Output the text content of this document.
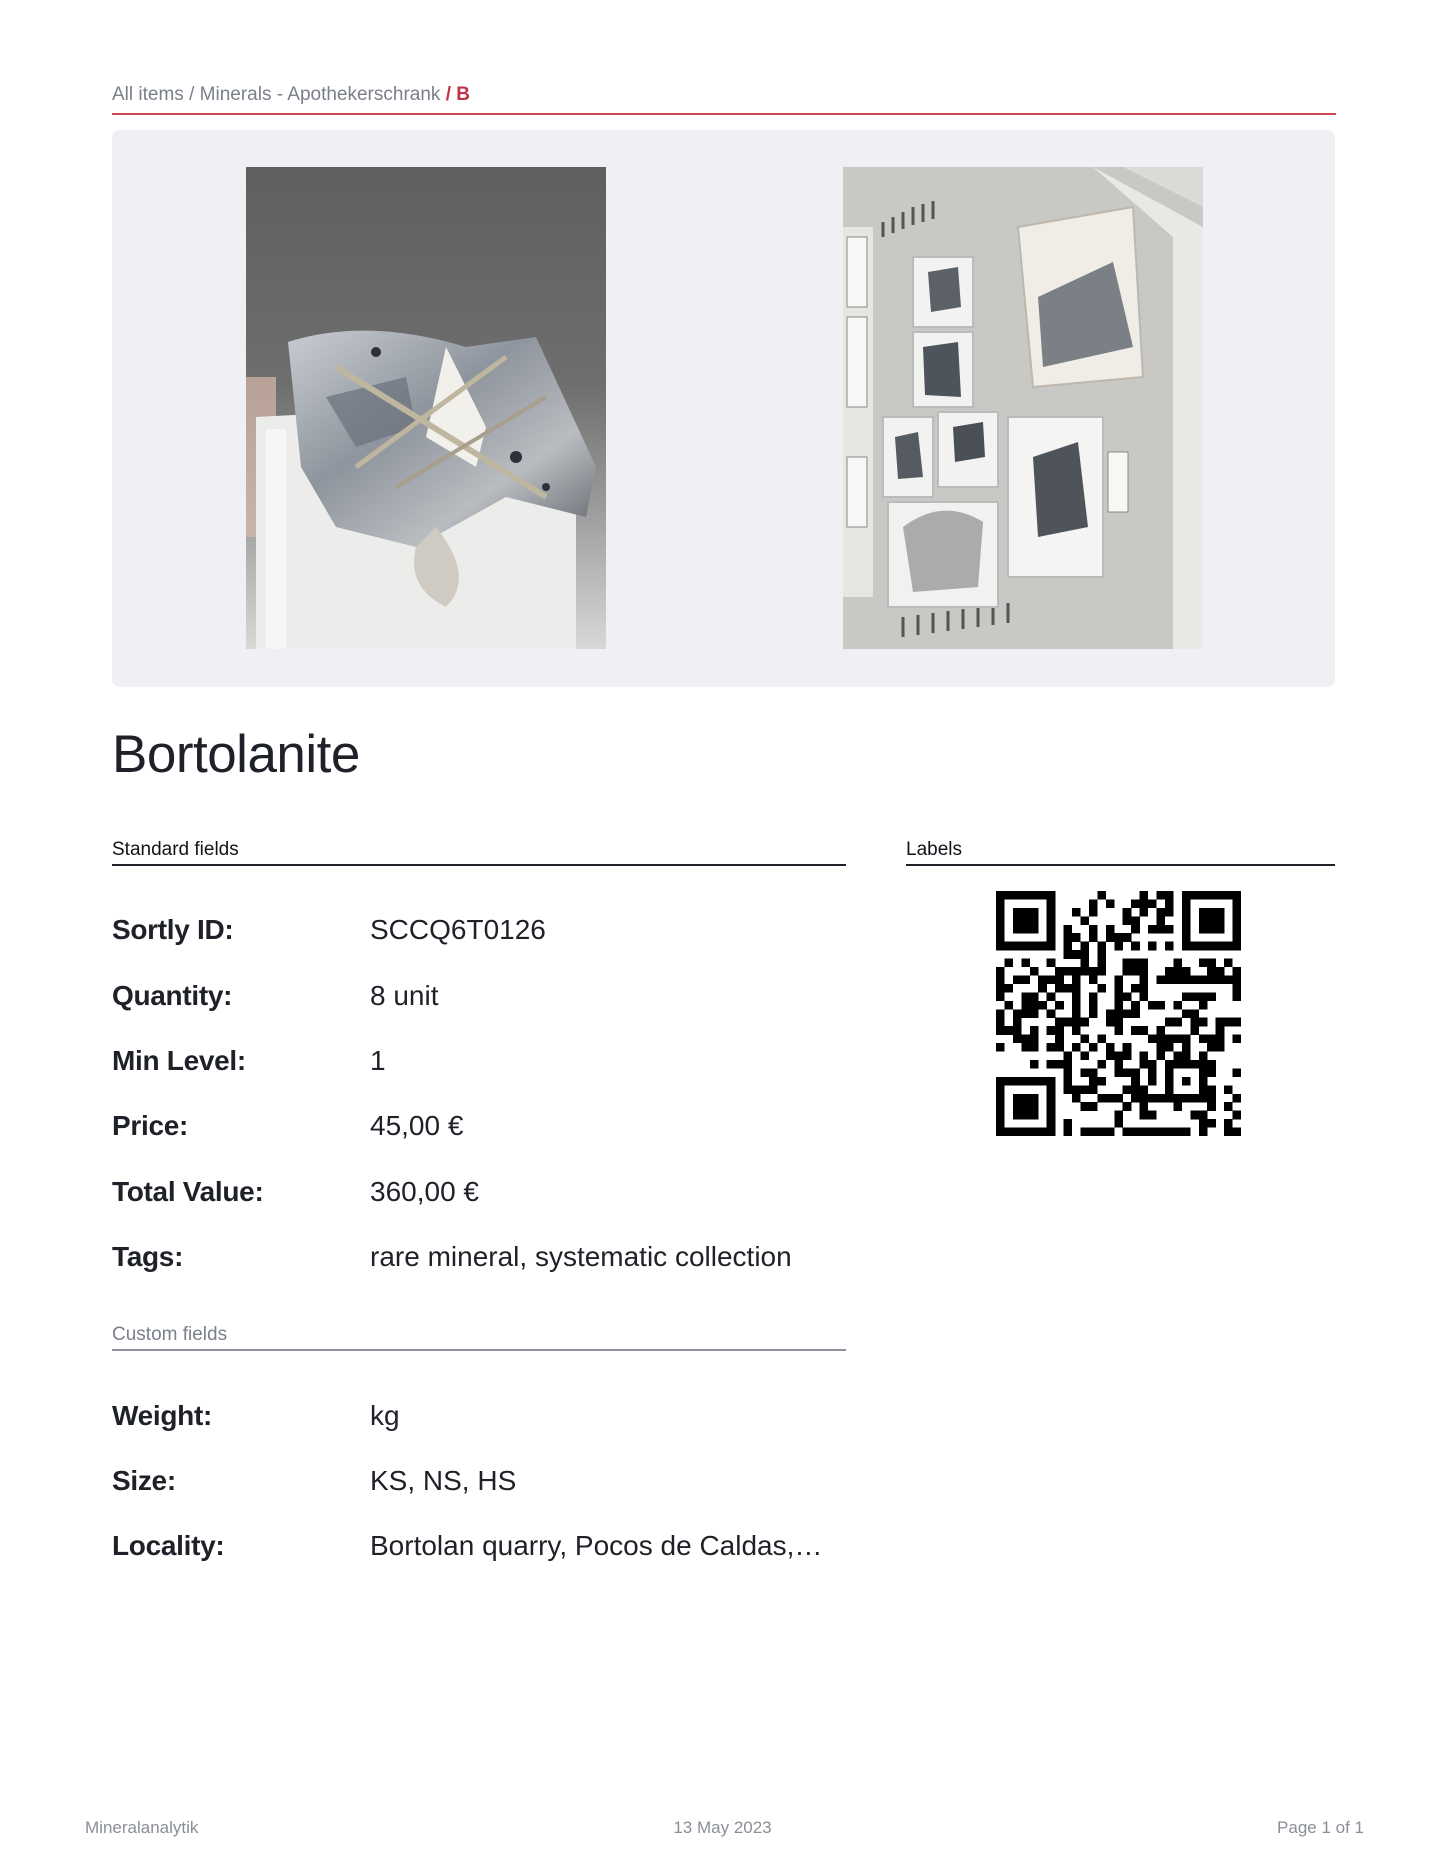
All items / Minerals - Apothekerschrank / B
Bortolanite
Standard fields
Sortly ID:	SCCQ6T0126
Quantity:	8 unit
Min Level:	1
Price:	45,00 €
Total Value:	360,00 €
Tags:	rare mineral, systematic collection
Custom fields
Weight:	kg
Size:	KS, NS, HS
Locality:	Bortolan quarry, Pocos de Caldas,…
Labels
Mineralanalytik	13 May 2023	Page 1 of 1
